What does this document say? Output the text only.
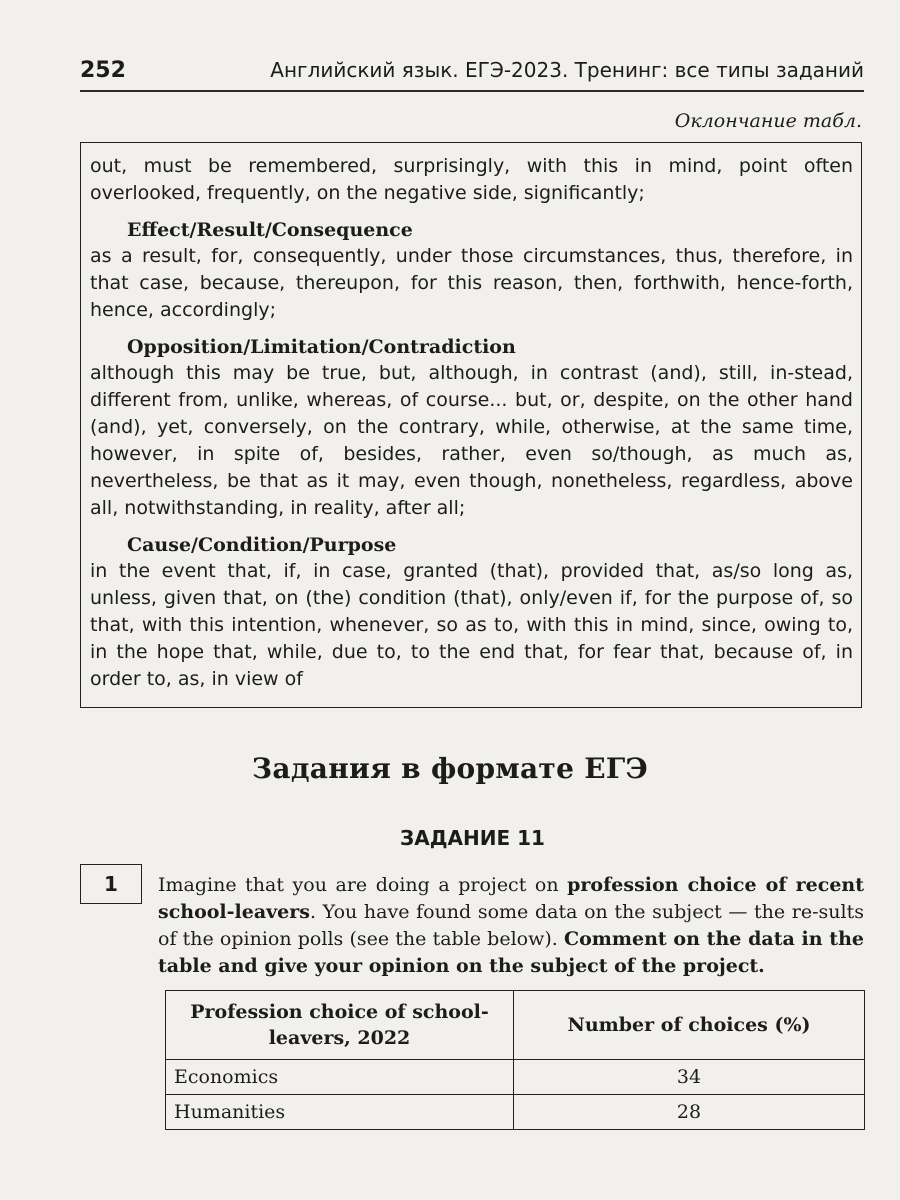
252	Английский язык. ЕГЭ-2023. Тренинг: все типы заданий
Оклончание табл.

out, must be remembered, surprisingly, with this in mind, point often overlooked, frequently, on the negative side, significantly;

Effect/Result/Consequence

as a result, for, consequently, under those circumstances, thus, therefore, in that case, because, thereupon, for this reason, then, forthwith, hence-forth, hence, accordingly;

Opposition/Limitation/Contradiction

although this may be true, but, although, in contrast (and), still, in-stead, different from, unlike, whereas, of course... but, or, despite, on the other hand (and), yet, conversely, on the contrary, while, otherwise, at the same time, however, in spite of, besides, rather, even so/though, as much as, nevertheless, be that as it may, even though, nonetheless, regardless, above all, notwithstanding, in reality, after all;

Cause/Condition/Purpose

in the event that, if, in case, granted (that), provided that, as/so long as, unless, given that, on (the) condition (that), only/even if, for the purpose of, so that, with this intention, whenever, so as to, with this in mind, since, owing to, in the hope that, while, due to, to the end that, for fear that, because of, in order to, as, in view of

Задания в формате ЕГЭ
ЗАДАНИЕ 11
1 Imagine that you are doing a project on profession choice of recent school-leavers. You have found some data on the subject — the re-sults of the opinion polls (see the table below). Comment on the data in the table and give your opinion on the subject of the project.

Profession choice of school-leavers, 2022	Number of choices (%)
Economics	34
Humanities	28
